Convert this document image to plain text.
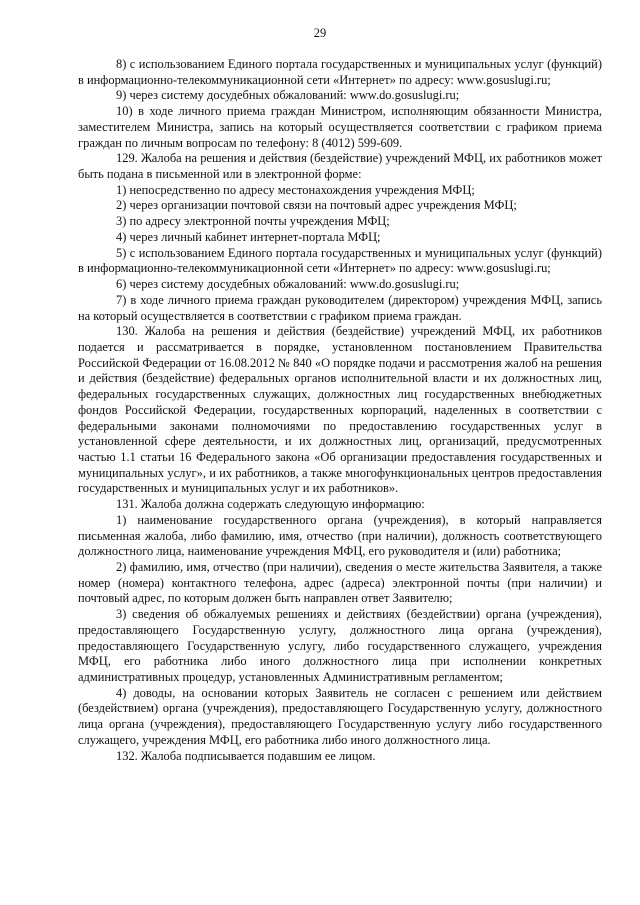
29

8) с использованием Единого портала государственных и муниципальных услуг (функций) в информационно-телекоммуникационной сети «Интернет» по адресу: www.gosuslugi.ru;

9) через систему досудебных обжалований: www.do.gosuslugi.ru;

10) в ходе личного приема граждан Министром, исполняющим обязанности Министра, заместителем Министра, запись на который осуществляется соответствии с графиком приема граждан по личным вопросам по телефону: 8 (4012) 599-609.

129. Жалоба на решения и действия (бездействие) учреждений МФЦ, их работников может быть подана в письменной или в электронной форме:

1) непосредственно по адресу местонахождения учреждения МФЦ;

2) через организации почтовой связи на почтовый адрес учреждения МФЦ;

3) по адресу электронной почты учреждения МФЦ;

4) через личный кабинет интернет-портала МФЦ;

5) с использованием Единого портала государственных и муниципальных услуг (функций) в информационно-телекоммуникационной сети «Интернет» по адресу: www.gosuslugi.ru;

6) через систему досудебных обжалований: www.do.gosuslugi.ru;

7) в ходе личного приема граждан руководителем (директором) учреждения МФЦ, запись на который осуществляется в соответствии с графиком приема граждан.

130. Жалоба на решения и действия (бездействие) учреждений МФЦ, их работников подается и рассматривается в порядке, установленном постановлением Правительства Российской Федерации от 16.08.2012 № 840 «О порядке подачи и рассмотрения жалоб на решения и действия (бездействие) федеральных органов исполнительной власти и их должностных лиц, федеральных государственных служащих, должностных лиц государственных внебюджетных фондов Российской Федерации, государственных корпораций, наделенных в соответствии с федеральными законами полномочиями по предоставлению государственных услуг в установленной сфере деятельности, и их должностных лиц, организаций, предусмотренных частью 1.1 статьи 16 Федерального закона «Об организации предоставления государственных и муниципальных услуг», и их работников, а также многофункциональных центров предоставления государственных и муниципальных услуг и их работников».

131. Жалоба должна содержать следующую информацию:

1) наименование государственного органа (учреждения), в который направляется письменная жалоба, либо фамилию, имя, отчество (при наличии), должность соответствующего должностного лица, наименование учреждения МФЦ, его руководителя и (или) работника;

2) фамилию, имя, отчество (при наличии), сведения о месте жительства Заявителя, а также номер (номера) контактного телефона, адрес (адреса) электронной почты (при наличии) и почтовый адрес, по которым должен быть направлен ответ Заявителю;

3) сведения об обжалуемых решениях и действиях (бездействии) органа (учреждения), предоставляющего Государственную услугу, должностного лица органа (учреждения), предоставляющего Государственную услугу, либо государственного служащего, учреждения МФЦ, его работника либо иного должностного лица при исполнении конкретных административных процедур, установленных Административным регламентом;

4) доводы, на основании которых Заявитель не согласен с решением или действием (бездействием) органа (учреждения), предоставляющего Государственную услугу, должностного лица органа (учреждения), предоставляющего Государственную услугу либо государственного служащего, учреждения МФЦ, его работника либо иного должностного лица.

132. Жалоба подписывается подавшим ее лицом.
